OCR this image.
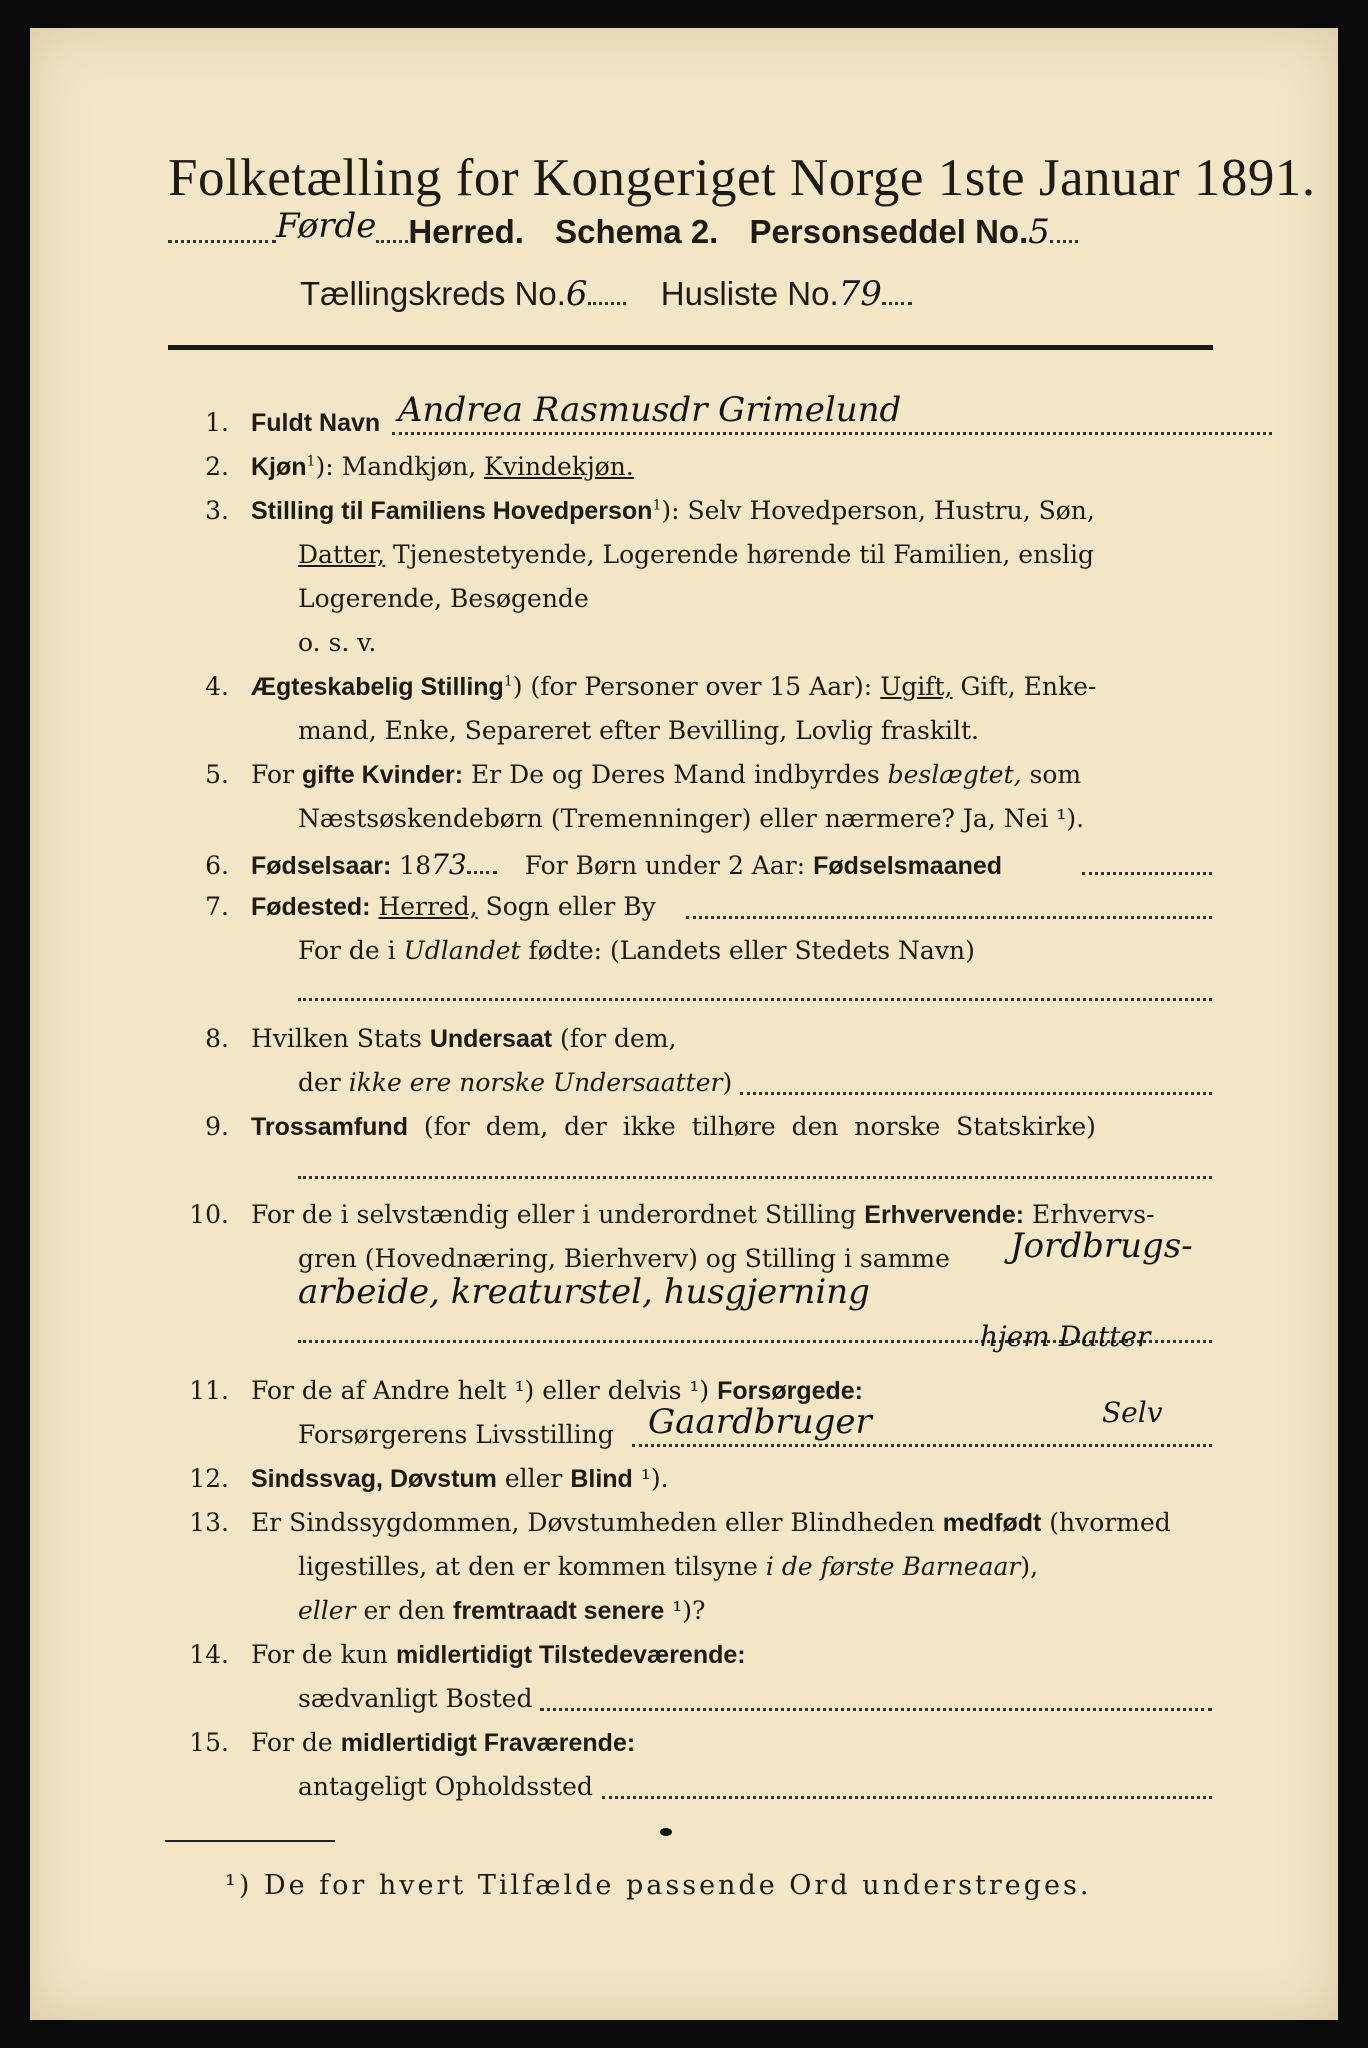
Folketælling for Kongeriget Norge 1ste Januar 1891.
Førde Herred. Schema 2. Personseddel No.5
Tællingskreds No.6 Husliste No.79
1. Fuldt Navn Andrea Rasmusdr Grimelund
2. Kjøn$^1$): Mandkjøn, Kvindekjøn.
3. Stilling til Familiens Hovedperson$^1$): Selv Hovedperson, Hustru, Søn,
Datter, Tjenestetyende, Logerende hørende til Familien, enslig
Logerende, Besøgende
o. s. v.
4. Ægteskabelig Stilling$^1$) (for Personer over 15 Aar): Ugift, Gift, Enke-
mand, Enke, Separeret efter Bevilling, Lovlig fraskilt.
5. For gifte Kvinder: Er De og Deres Mand indbyrdes beslægtet, som
Næstsøskendebørn (Tremenninger) eller nærmere? Ja, Nei ¹).
6. Fødselsaar: 1873 For Børn under 2 Aar: Fødselsmaaned
7. Fødested: Herred, Sogn eller By
For de i Udlandet fødte: (Landets eller Stedets Navn)
8. Hvilken Stats Undersaat (for dem,
der ikke ere norske Undersaatter)
9. Trossamfund  (for  dem,  der  ikke  tilhøre  den  norske  Statskirke)
10. For de i selvstændig eller i underordnet Stilling Erhvervende: Erhvervs-
gren (Hovednæring, Bierhverv) og Stilling i samme Jordbrugs-
arbeide, kreaturstel, husgjerning
hjem Datter
11. For de af Andre helt ¹) eller delvis ¹) Forsørgede:
Forsørgerens Livsstilling Gaardbruger	Selv
12. Sindssvag, Døvstum eller Blind ¹).
13. Er Sindssygdommen, Døvstumheden eller Blindheden medfødt (hvormed
ligestilles, at den er kommen tilsyne i de første Barneaar),
eller er den fremtraadt senere ¹)?
14. For de kun midlertidigt Tilstedeværende:
sædvanligt Bosted
15. For de midlertidigt Fraværende:
antageligt Opholdssted
¹) De for hvert Tilfælde passende Ord understreges.
